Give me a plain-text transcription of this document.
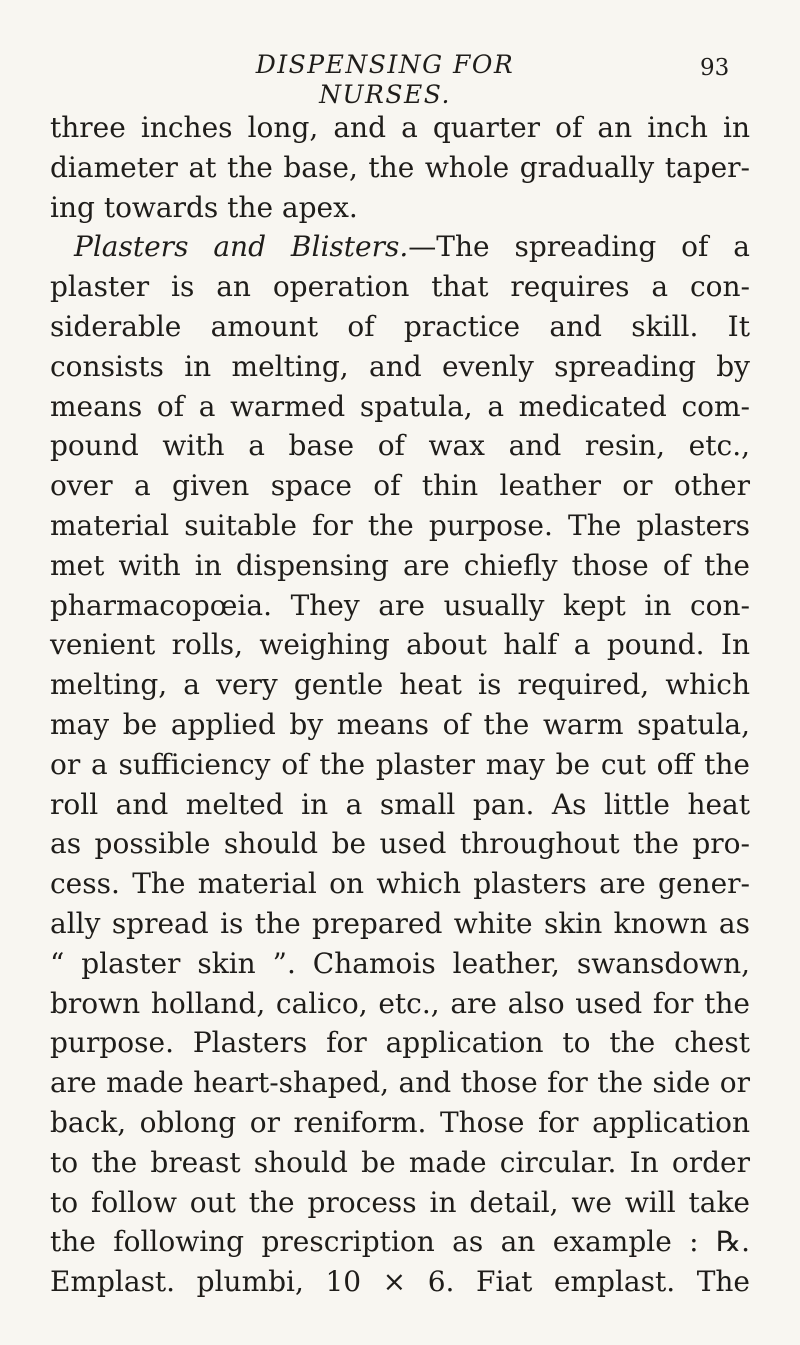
DISPENSING FOR NURSES.
93
three inches long, and a quarter of an inch in
diameter at the base, the whole gradually taper-
ing towards the apex.
Plasters and Blisters.—The spreading of a
plaster is an operation that requires a con-
siderable amount of practice and skill. It
consists in melting, and evenly spreading by
means of a warmed spatula, a medicated com-
pound with a base of wax and resin, etc.,
over a given space of thin leather or other
material suitable for the purpose. The plasters
met with in dispensing are chiefly those of the
pharmacopœia. They are usually kept in con-
venient rolls, weighing about half a pound. In
melting, a very gentle heat is required, which
may be applied by means of the warm spatula,
or a sufficiency of the plaster may be cut off the
roll and melted in a small pan. As little heat
as possible should be used throughout the pro-
cess. The material on which plasters are gener-
ally spread is the prepared white skin known as
“ plaster skin ”. Chamois leather, swansdown,
brown holland, calico, etc., are also used for the
purpose. Plasters for application to the chest
are made heart-shaped, and those for the side or
back, oblong or reniform. Those for application
to the breast should be made circular. In order
to follow out the process in detail, we will take
the following prescription as an example : ℞.
Emplast. plumbi, 10 × 6. Fiat emplast. The
